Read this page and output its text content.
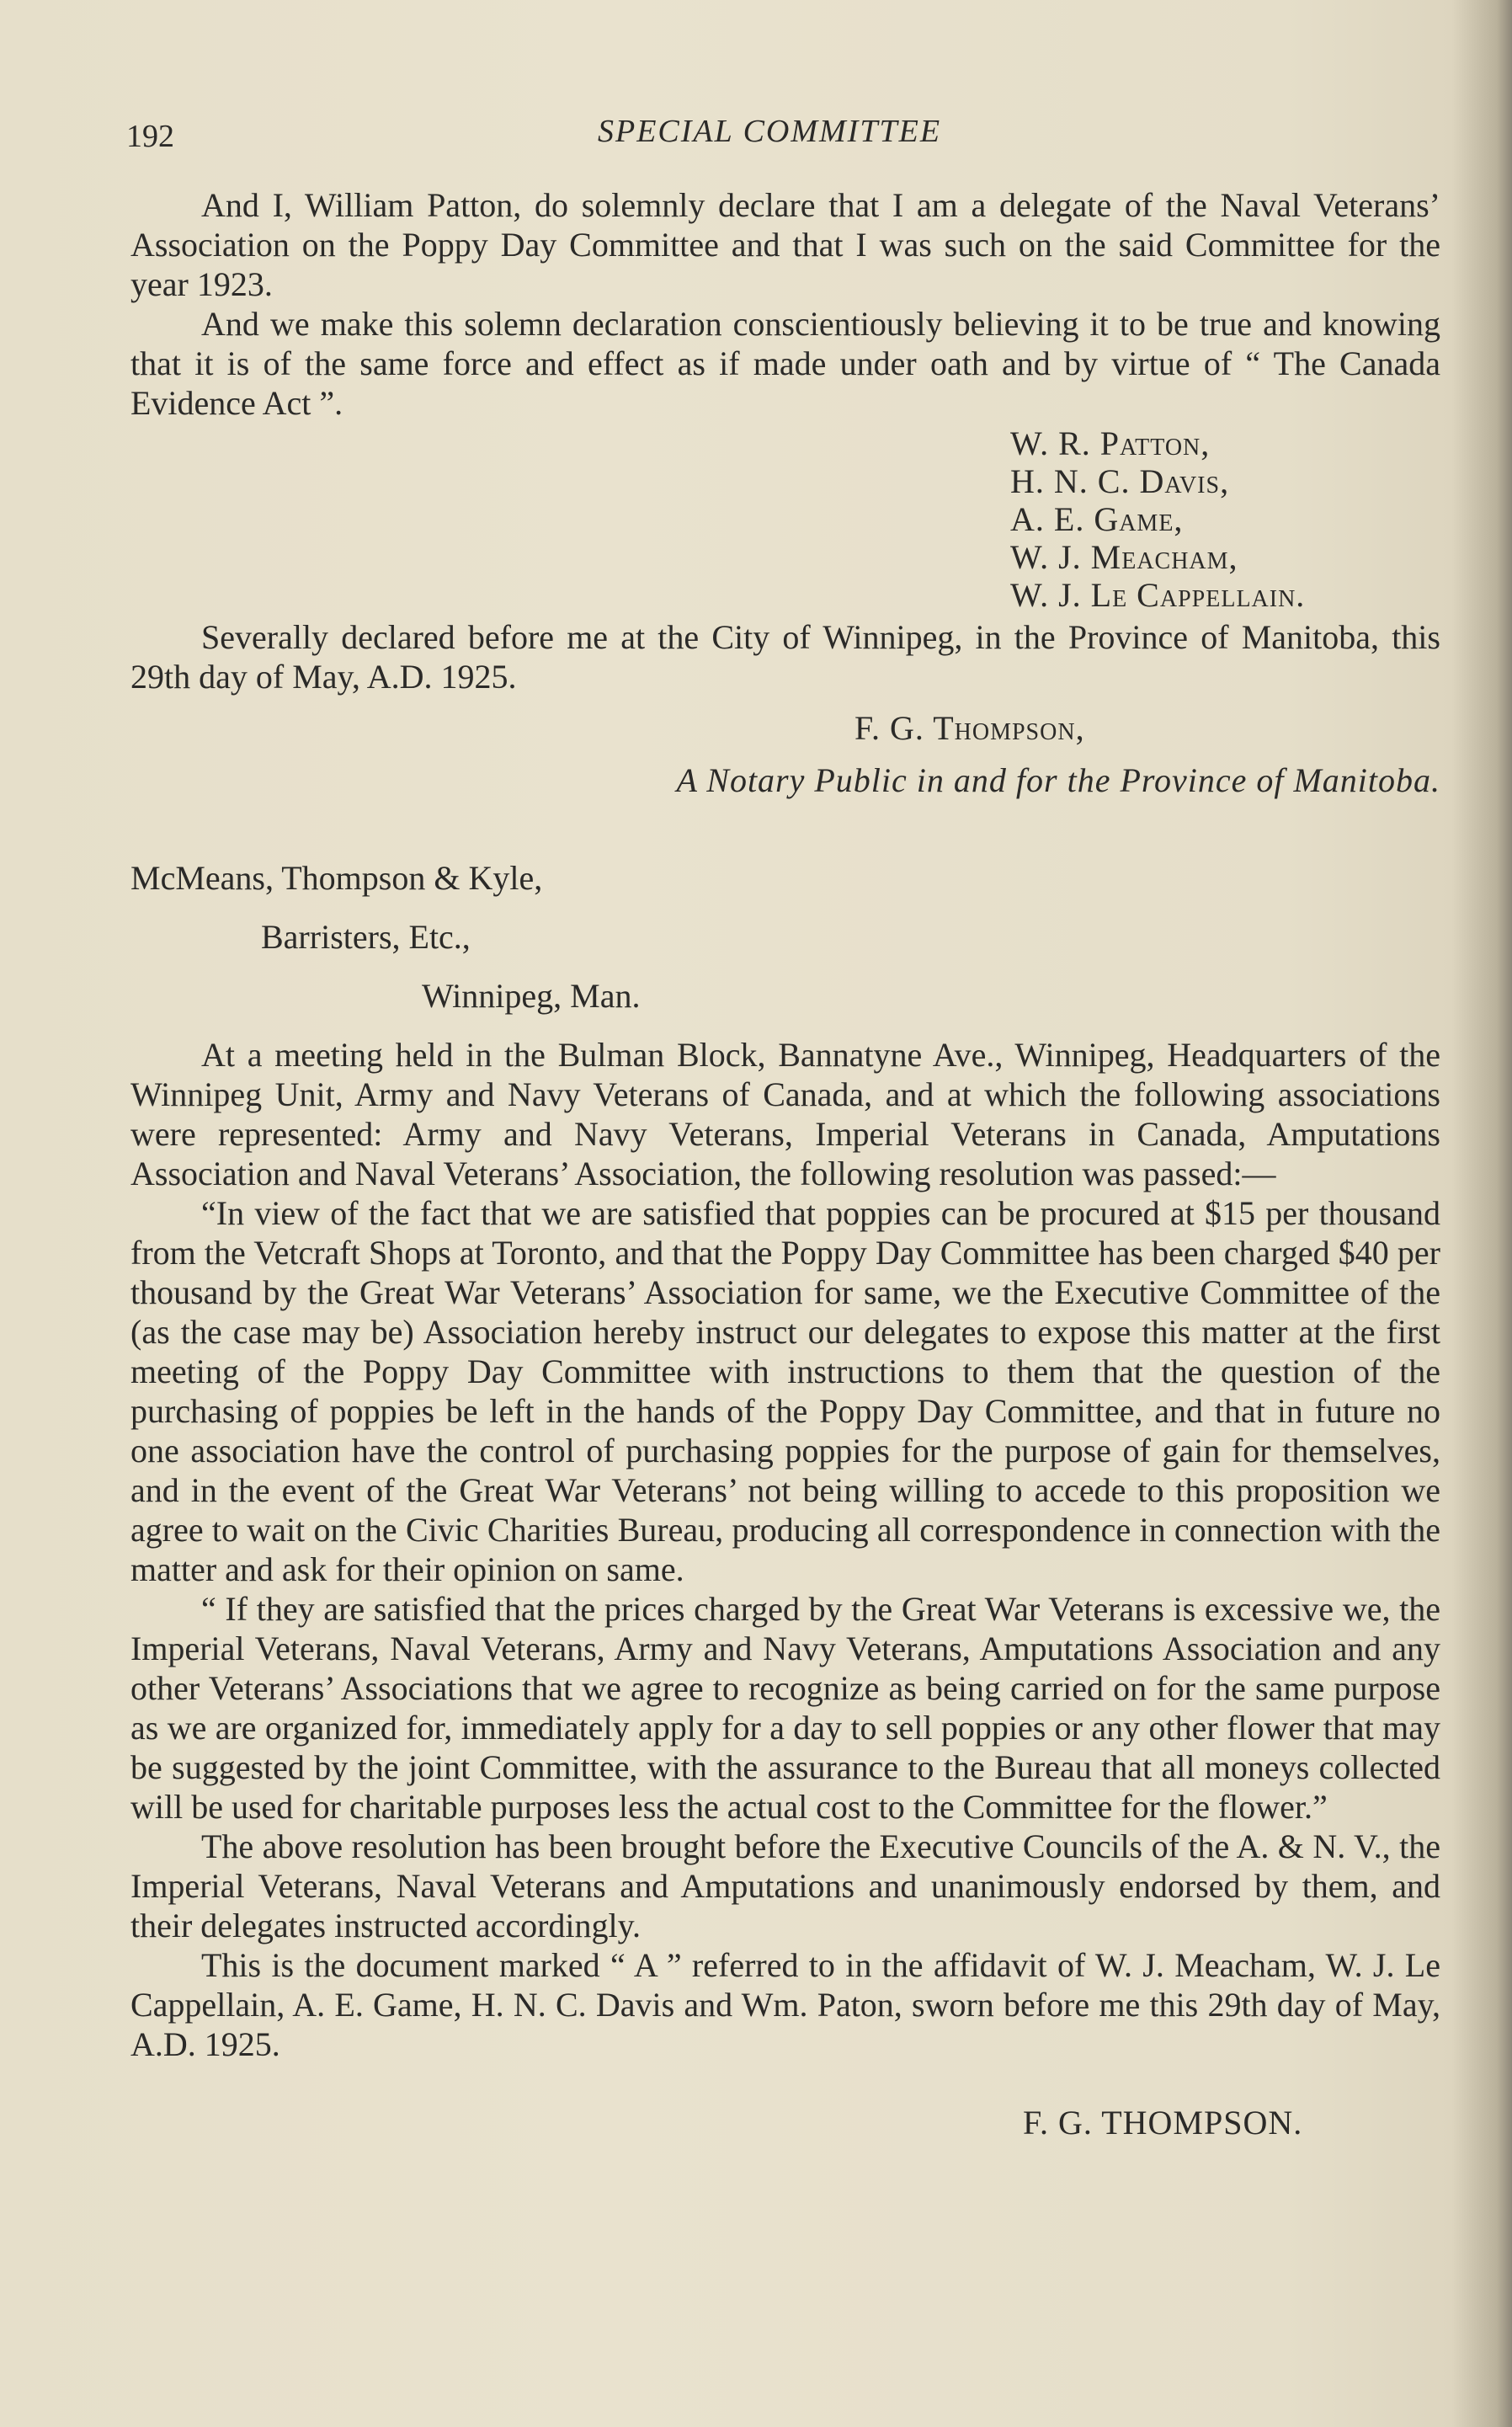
192	SPECIAL COMMITTEE

And I, William Patton, do solemnly declare that I am a delegate of the Naval Veterans’ Association on the Poppy Day Committee and that I was such on the said Committee for the year 1923.

And we make this solemn declaration conscientiously believing it to be true and knowing that it is of the same force and effect as if made under oath and by virtue of “ The Canada Evidence Act ”.

W. R. Patton,
H. N. C. Davis,
A. E. Game,
W. J. Meacham,
W. J. Le Cappellain.

Severally declared before me at the City of Winnipeg, in the Province of Manitoba, this 29th day of May, A.D. 1925.

F. G. Thompson,
A Notary Public in and for the Province of Manitoba.
McMeans, Thompson & Kyle,
Barristers, Etc.,
Winnipeg, Man.

At a meeting held in the Bulman Block, Bannatyne Ave., Winnipeg, Headquarters of the Winnipeg Unit, Army and Navy Veterans of Canada, and at which the following associations were represented: Army and Navy Veterans, Imperial Veterans in Canada, Amputations Association and Naval Veterans’ Association, the following resolution was passed:—

“In view of the fact that we are satisfied that poppies can be procured at $15 per thousand from the Vetcraft Shops at Toronto, and that the Poppy Day Committee has been charged $40 per thousand by the Great War Veterans’ Association for same, we the Executive Committee of the (as the case may be) Association hereby instruct our delegates to expose this matter at the first meeting of the Poppy Day Committee with instructions to them that the question of the purchasing of poppies be left in the hands of the Poppy Day Committee, and that in future no one association have the control of purchasing poppies for the purpose of gain for themselves, and in the event of the Great War Veterans’ not being willing to accede to this proposition we agree to wait on the Civic Charities Bureau, producing all correspondence in connection with the matter and ask for their opinion on same.

“ If they are satisfied that the prices charged by the Great War Veterans is excessive we, the Imperial Veterans, Naval Veterans, Army and Navy Veterans, Amputations Association and any other Veterans’ Associations that we agree to recognize as being carried on for the same purpose as we are organized for, immediately apply for a day to sell poppies or any other flower that may be suggested by the joint Committee, with the assurance to the Bureau that all moneys collected will be used for charitable purposes less the actual cost to the Committee for the flower.”

The above resolution has been brought before the Executive Councils of the A. & N. V., the Imperial Veterans, Naval Veterans and Amputations and unanimously endorsed by them, and their delegates instructed accordingly.

This is the document marked “ A ” referred to in the affidavit of W. J. Meacham, W. J. Le Cappellain, A. E. Game, H. N. C. Davis and Wm. Paton, sworn before me this 29th day of May, A.D. 1925.

F. G. THOMPSON.
